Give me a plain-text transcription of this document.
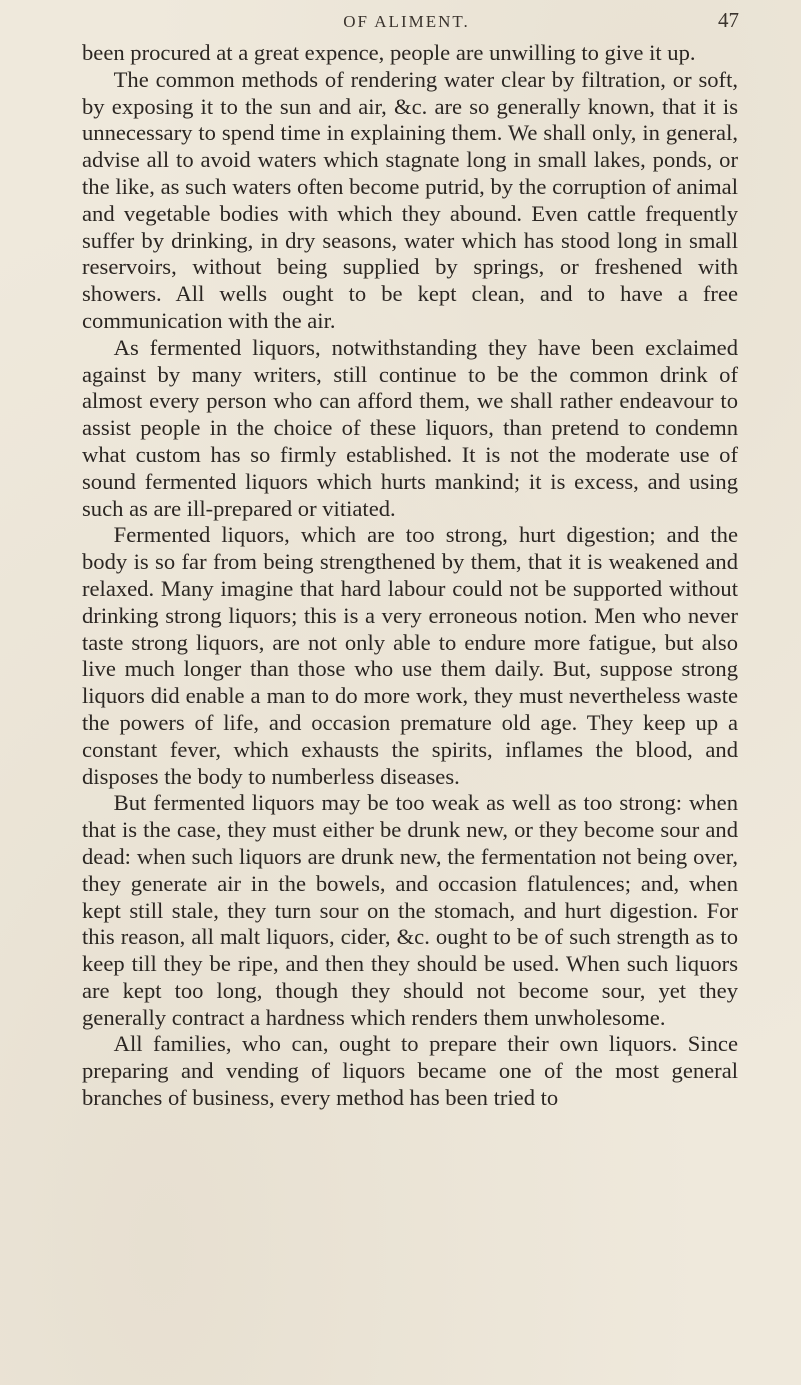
OF ALIMENT.	47

been procured at a great expence, people are unwilling to give it up.

The common methods of rendering water clear by filtration, or soft, by exposing it to the sun and air, &c. are so generally known, that it is unnecessary to spend time in explaining them. We shall only, in general, advise all to avoid waters which stagnate long in small lakes, ponds, or the like, as such waters often become putrid, by the corruption of animal and vegetable bodies with which they abound. Even cattle frequently suffer by drinking, in dry seasons, water which has stood long in small reservoirs, without being supplied by springs, or freshened with showers. All wells ought to be kept clean, and to have a free communication with the air.

As fermented liquors, notwithstanding they have been exclaimed against by many writers, still continue to be the common drink of almost every person who can afford them, we shall rather endeavour to assist people in the choice of these liquors, than pretend to condemn what custom has so firmly established. It is not the moderate use of sound fermented liquors which hurts mankind; it is excess, and using such as are ill-prepared or vitiated.

Fermented liquors, which are too strong, hurt digestion; and the body is so far from being strengthened by them, that it is weakened and relaxed. Many imagine that hard labour could not be supported without drinking strong liquors; this is a very erroneous notion. Men who never taste strong liquors, are not only able to endure more fatigue, but also live much longer than those who use them daily. But, suppose strong liquors did enable a man to do more work, they must nevertheless waste the powers of life, and occasion premature old age. They keep up a constant fever, which exhausts the spirits, inflames the blood, and disposes the body to numberless diseases.

But fermented liquors may be too weak as well as too strong: when that is the case, they must either be drunk new, or they become sour and dead: when such liquors are drunk new, the fermentation not being over, they generate air in the bowels, and occasion flatulences; and, when kept still stale, they turn sour on the stomach, and hurt digestion. For this reason, all malt liquors, cider, &c. ought to be of such strength as to keep till they be ripe, and then they should be used. When such liquors are kept too long, though they should not become sour, yet they generally contract a hardness which renders them unwholesome.

All families, who can, ought to prepare their own liquors. Since preparing and vending of liquors became one of the most general branches of business, every method has been tried to
